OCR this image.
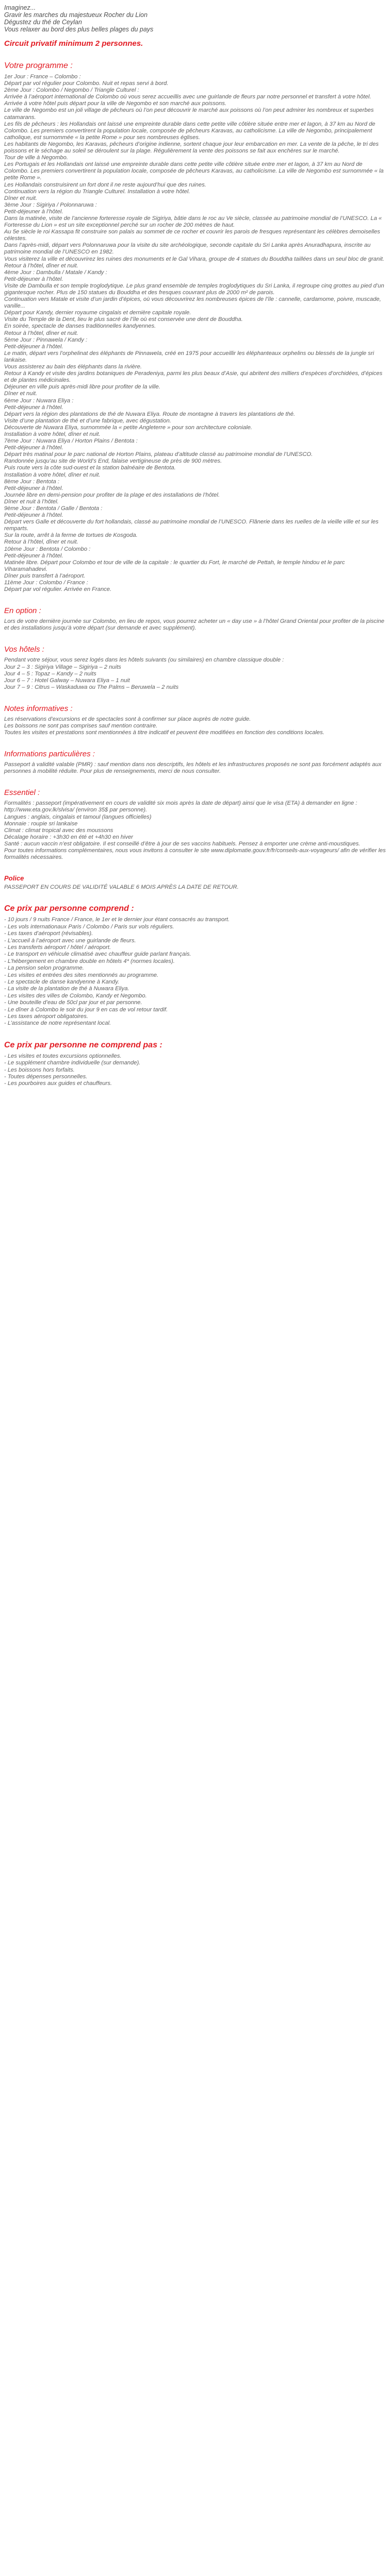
Imaginez...

Gravir les marches du majestueux Rocher du Lion

Dégustez du thé de Ceylan

Vous relaxer au bord des plus belles plages du pays

Circuit privatif minimum 2 personnes.

Votre programme :

1er Jour : France – Colombo :

Départ par vol régulier pour Colombo. Nuit et repas servi à bord.

2ème Jour : Colombo / Negombo / Triangle Culturel :

Arrivée à l’aéroport international de Colombo où vous serez accueillis avec une guirlande de fleurs par notre personnel et transfert à votre hôtel.

Arrivée à votre hôtel puis départ pour la ville de Negombo et son marché aux poissons.

Le ville de Negombo est un joli village de pêcheurs où l’on peut découvrir le marché aux poissons où l’on peut admirer les nombreux et superbes catamarans.

Les fils de pêcheurs : les Hollandais ont laissé une empreinte durable dans cette petite ville côtière située entre mer et lagon, à 37 km au Nord de Colombo. Les premiers convertirent la population locale, composée de pêcheurs Karavas, au catholicisme. La ville de Negombo, principalement catholique, est surnommée « la petite Rome » pour ses nombreuses églises.

Les habitants de Negombo, les Karavas, pêcheurs d’origine indienne, sortent chaque jour leur embarcation en mer. La vente de la pêche, le tri des poissons et le séchage au soleil se déroulent sur la plage. Régulièrement la vente des poissons se fait aux enchères sur le marché.

Tour de ville à Negombo.

Les Portugais et les Hollandais ont laissé une empreinte durable dans cette petite ville côtière située entre mer et lagon, à 37 km au Nord de Colombo. Les premiers convertirent la population locale, composée de pêcheurs Karavas, au catholicisme. La ville de Negombo est surnommée « la petite Rome ».

Les Hollandais construisirent un fort dont il ne reste aujourd’hui que des ruines.

Continuation vers la région du Triangle Culturel. Installation à votre hôtel.

Dîner et nuit.

3ème Jour : Sigiriya / Polonnaruwa :

Petit-déjeuner à l’hôtel.

Dans la matinée, visite de l’ancienne forteresse royale de Sigiriya, bâtie dans le roc au Ve siècle, classée au patrimoine mondial de l’UNESCO. La « Forteresse du Lion » est un site exceptionnel perché sur un rocher de 200 mètres de haut.

Au 5e siècle le roi Kassapa fit construire son palais au sommet de ce rocher et couvrir les parois de fresques représentant les célèbres demoiselles célestes.

Dans l’après-midi, départ vers Polonnaruwa pour la visite du site archéologique, seconde capitale du Sri Lanka après Anuradhapura, inscrite au patrimoine mondial de l’UNESCO en 1982.

Vous visiterez la ville et découvrirez les ruines des monuments et le Gal Vihara, groupe de 4 statues du Bouddha taillées dans un seul bloc de granit.

Retour à l’hôtel, dîner et nuit.

4ème Jour : Dambulla / Matale / Kandy :

Petit-déjeuner à l’hôtel.

Visite de Dambulla et son temple troglodytique. Le plus grand ensemble de temples troglodytiques du Sri Lanka, il regroupe cinq grottes au pied d’un gigantesque rocher. Plus de 150 statues du Bouddha et des fresques couvrant plus de 2000 m² de parois.

Continuation vers Matale et visite d’un jardin d’épices, où vous découvrirez les nombreuses épices de l’île : cannelle, cardamome, poivre, muscade, vanille...

Départ pour Kandy, dernier royaume cingalais et dernière capitale royale.

Visite du Temple de la Dent, lieu le plus sacré de l’île où est conservée une dent de Bouddha.

En soirée, spectacle de danses traditionnelles kandyennes.

Retour à l’hôtel, dîner et nuit.

5ème Jour : Pinnawela / Kandy :

Petit-déjeuner à l’hôtel.

Le matin, départ vers l’orphelinat des éléphants de Pinnawela, créé en 1975 pour accueillir les éléphanteaux orphelins ou blessés de la jungle sri lankaise.

Vous assisterez au bain des éléphants dans la rivière.

Retour à Kandy et visite des jardins botaniques de Peradeniya, parmi les plus beaux d’Asie, qui abritent des milliers d’espèces d’orchidées, d’épices et de plantes médicinales.

Déjeuner en ville puis après-midi libre pour profiter de la ville.

Dîner et nuit.

6ème Jour : Nuwara Eliya :

Petit-déjeuner à l’hôtel.

Départ vers la région des plantations de thé de Nuwara Eliya. Route de montagne à travers les plantations de thé.

Visite d’une plantation de thé et d’une fabrique, avec dégustation.

Découverte de Nuwara Eliya, surnommée la « petite Angleterre » pour son architecture coloniale.

Installation à votre hôtel, dîner et nuit.

7ème Jour : Nuwara Eliya / Horton Plains / Bentota :

Petit-déjeuner à l’hôtel.

Départ très matinal pour le parc national de Horton Plains, plateau d’altitude classé au patrimoine mondial de l’UNESCO.

Randonnée jusqu’au site de World’s End, falaise vertigineuse de près de 900 mètres.

Puis route vers la côte sud-ouest et la station balnéaire de Bentota.

Installation à votre hôtel, dîner et nuit.

8ème Jour : Bentota :

Petit-déjeuner à l’hôtel.

Journée libre en demi-pension pour profiter de la plage et des installations de l’hôtel.

Dîner et nuit à l’hôtel.

9ème Jour : Bentota / Galle / Bentota :

Petit-déjeuner à l’hôtel.

Départ vers Galle et découverte du fort hollandais, classé au patrimoine mondial de l’UNESCO. Flânerie dans les ruelles de la vieille ville et sur les remparts.

Sur la route, arrêt à la ferme de tortues de Kosgoda.

Retour à l’hôtel, dîner et nuit.

10ème Jour : Bentota / Colombo :

Petit-déjeuner à l’hôtel.

Matinée libre. Départ pour Colombo et tour de ville de la capitale : le quartier du Fort, le marché de Pettah, le temple hindou et le parc Viharamahadevi.

Dîner puis transfert à l’aéroport.

11ème Jour : Colombo / France :

Départ par vol régulier. Arrivée en France.

En option :

Lors de votre dernière journée sur Colombo, en lieu de repos, vous pourrez acheter un « day use » à l’hôtel Grand Oriental pour profiter de la piscine et des installations jusqu’à votre départ (sur demande et avec supplément).

Vos hôtels :

Pendant votre séjour, vous serez logés dans les hôtels suivants (ou similaires) en chambre classique double :

Jour 2 – 3 : Sigiriya Village – Sigiriya – 2 nuits

Jour 4 – 5 : Topaz – Kandy – 2 nuits

Jour 6 – 7 : Hotel Galway – Nuwara Eliya – 1 nuit

Jour 7 – 9 : Citrus – Waskaduwa ou The Palms – Beruwela – 2 nuits

Notes informatives :

Les réservations d’excursions et de spectacles sont à confirmer sur place auprès de notre guide.

Les boissons ne sont pas comprises sauf mention contraire.

Toutes les visites et prestations sont mentionnées à titre indicatif et peuvent être modifiées en fonction des conditions locales.

Informations particulières :

Passeport à validité valable (PMR) : sauf mention dans nos descriptifs, les hôtels et les infrastructures proposés ne sont pas forcément adaptés aux personnes à mobilité réduite. Pour plus de renseignements, merci de nous consulter.

Essentiel :

Formalités : passeport (impérativement en cours de validité six mois après la date de départ) ainsi que le visa (ETA) à demander en ligne : http://www.eta.gov.lk/slvisa/ (environ 35$ par personne).

Langues : anglais, cingalais et tamoul (langues officielles)

Monnaie : roupie sri lankaise

Climat : climat tropical avec des moussons

Décalage horaire : +3h30 en été et +4h30 en hiver

Santé : aucun vaccin n’est obligatoire. Il est conseillé d’être à jour de ses vaccins habituels. Pensez à emporter une crème anti-moustiques.

Pour toutes informations complémentaires, nous vous invitons à consulter le site www.diplomatie.gouv.fr/fr/conseils-aux-voyageurs/ afin de vérifier les formalités nécessaires.

Police

PASSEPORT EN COURS DE VALIDITÉ VALABLE 6 MOIS APRÈS LA DATE DE RETOUR.

Ce prix par personne comprend :

- 10 jours / 9 nuits France / France, le 1er et le dernier jour étant consacrés au transport.

- Les vols internationaux Paris / Colombo / Paris sur vols réguliers.

- Les taxes d’aéroport (révisables).

- L’accueil à l’aéroport avec une guirlande de fleurs.

- Les transferts aéroport / hôtel / aéroport.

- Le transport en véhicule climatisé avec chauffeur guide parlant français.

- L’hébergement en chambre double en hôtels 4* (normes locales).

- La pension selon programme.

- Les visites et entrées des sites mentionnés au programme.

- Le spectacle de danse kandyenne à Kandy.

- La visite de la plantation de thé à Nuwara Eliya.

- Les visites des villes de Colombo, Kandy et Negombo.

- Une bouteille d’eau de 50cl par jour et par personne.

- Le dîner à Colombo le soir du jour 9 en cas de vol retour tardif.

- Les taxes aéroport obligatoires.

- L’assistance de notre représentant local.

Ce prix par personne ne comprend pas :

- Les visites et toutes excursions optionnelles.

- Le supplément chambre individuelle (sur demande).

- Les boissons hors forfaits.

- Toutes dépenses personnelles.

- Les pourboires aux guides et chauffeurs.
